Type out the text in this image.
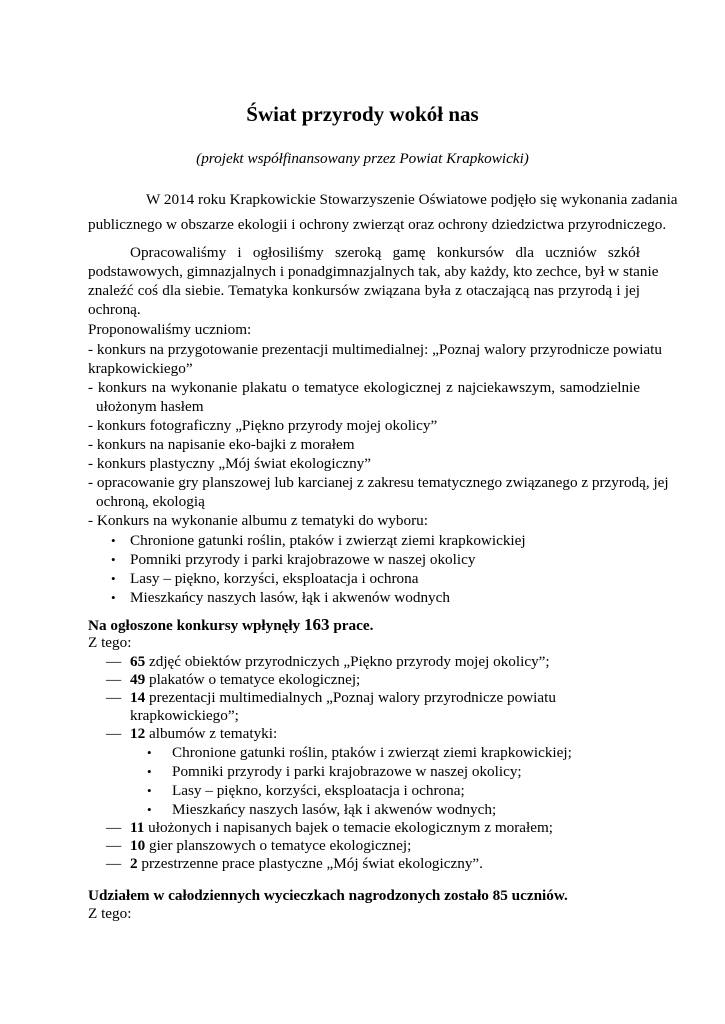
Świat przyrody wokół nas
(projekt współfinansowany przez Powiat Krapkowicki)
W 2014 roku Krapkowickie Stowarzyszenie Oświatowe podjęło się wykonania zadania
publicznego w obszarze ekologii i ochrony zwierząt oraz ochrony dziedzictwa przyrodniczego.
Opracowaliśmy i ogłosiliśmy szeroką gamę konkursów dla uczniów szkół
podstawowych, gimnazjalnych i ponadgimnazjalnych tak, aby każdy, kto zechce, był w stanie
znaleźć coś dla siebie. Tematyka konkursów związana była z otaczającą nas przyrodą i jej
ochroną.
Proponowaliśmy uczniom:
- konkurs na przygotowanie prezentacji multimedialnej: „Poznaj walory przyrodnicze powiatu
krapkowickiego”
- konkurs na wykonanie plakatu o tematyce ekologicznej z najciekawszym, samodzielnie
ułożonym hasłem
- konkurs fotograficzny „Piękno przyrody mojej okolicy”
- konkurs na napisanie eko-bajki z morałem
- konkurs plastyczny „Mój świat ekologiczny”
- opracowanie gry planszowej lub karcianej z zakresu tematycznego związanego z przyrodą, jej
ochroną, ekologią
- Konkurs na wykonanie albumu z tematyki do wyboru:
• Chronione gatunki roślin, ptaków i zwierząt ziemi krapkowickiej
• Pomniki przyrody i parki krajobrazowe w naszej okolicy
• Lasy – piękno, korzyści, eksploatacja i ochrona
• Mieszkańcy naszych lasów, łąk i akwenów wodnych
Na ogłoszone konkursy wpłynęły 163 prace.
Z tego:
— 65 zdjęć obiektów przyrodniczych „Piękno przyrody mojej okolicy”;
— 49 plakatów o tematyce ekologicznej;
— 14 prezentacji multimedialnych „Poznaj walory przyrodnicze powiatu
krapkowickiego”;
— 12 albumów z tematyki:
• Chronione gatunki roślin, ptaków i zwierząt ziemi krapkowickiej;
• Pomniki przyrody i parki krajobrazowe w naszej okolicy;
• Lasy – piękno, korzyści, eksploatacja i ochrona;
• Mieszkańcy naszych lasów, łąk i akwenów wodnych;
— 11 ułożonych i napisanych bajek o temacie ekologicznym z morałem;
— 10 gier planszowych o tematyce ekologicznej;
— 2 przestrzenne prace plastyczne „Mój świat ekologiczny”.
Udziałem w całodziennych wycieczkach nagrodzonych zostało 85 uczniów.
Z tego:
